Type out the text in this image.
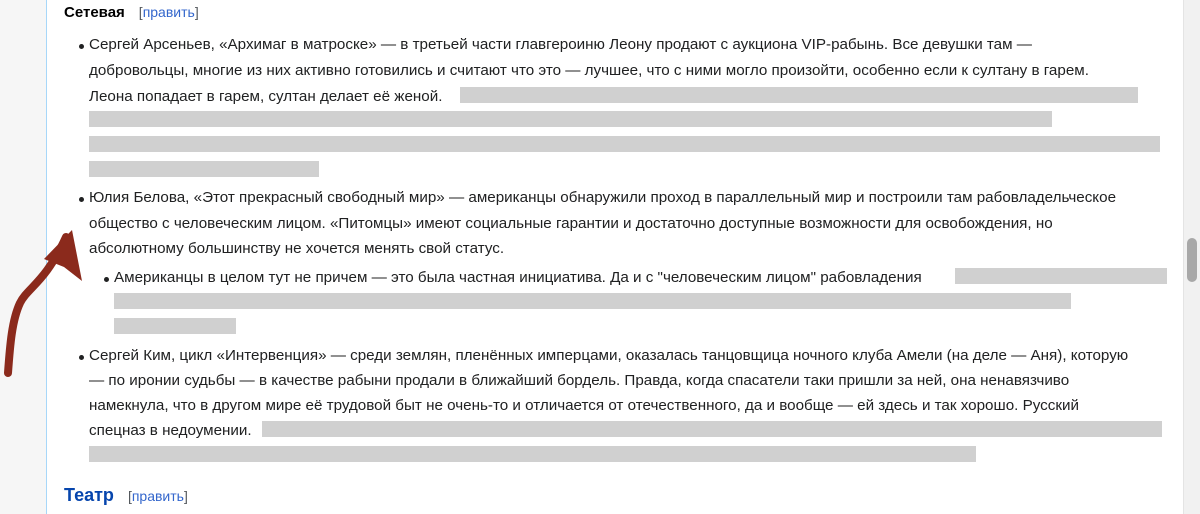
Сетевая [править]
Сергей Арсеньев, «Архимаг в матроске» — в третьей части главгероиню Леону продают с аукциона VIP-рабынь. Все девушки там —
добровольцы, многие из них активно готовились и считают что это — лучшее, что с ними могло произойти, особенно если к султану в гарем.
Леона попадает в гарем, султан делает её женой.
Юлия Белова, «Этот прекрасный свободный мир» — американцы обнаружили проход в параллельный мир и построили там рабовладельческое
общество с человеческим лицом. «Питомцы» имеют социальные гарантии и достаточно доступные возможности для освобождения, но
абсолютному большинству не хочется менять свой статус.
Американцы в целом тут не причем — это была частная инициатива. Да и с "человеческим лицом" рабовладения
Сергей Ким, цикл «Интервенция» — среди землян, пленённых имперцами, оказалась танцовщица ночного клуба Амели (на деле — Аня), которую
— по иронии судьбы — в качестве рабыни продали в ближайший бордель. Правда, когда спасатели таки пришли за ней, она ненавязчиво
намекнула, что в другом мире её трудовой быт не очень-то и отличается от отечественного, да и вообще — ей здесь и так хорошо. Русский
спецназ в недоумении.
Театр [править]
